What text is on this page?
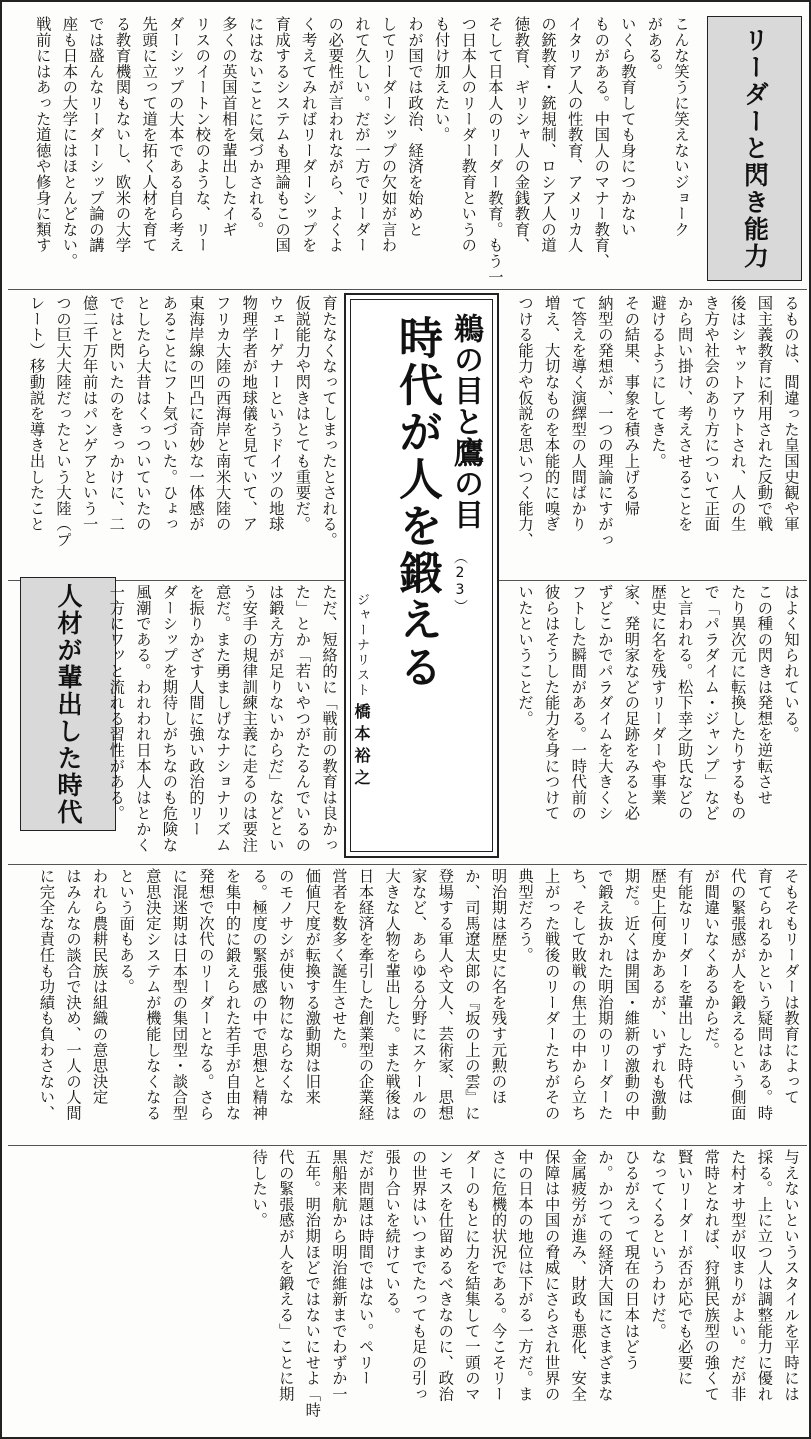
リーダーと閃き能力
人材が輩出した時代
鵜の目と鷹の目
（23）
時代が人を鍛える
ジャーナリスト
橋本裕之
こんな笑うに笑えないジョーク
がある。
いくら教育しても身につかない
ものがある。中国人のマナー教育、
イタリア人の性教育、アメリカ人
の銃教育・銃規制、ロシア人の道
徳教育、ギリシャ人の金銭教育、
そして日本人のリーダー教育。もう一
つ日本人のリーダー教育というの
も付け加えたい。
わが国では政治、経済を始めと
してリーダーシップの欠如が言わ
れて久しい。だが一方でリーダー
の必要性が言われながら、よくよ
く考えてみればリーダーシップを
育成するシステムも理論もこの国
にはないことに気づかされる。
多くの英国首相を輩出したイギ
リスのイートン校のような、リー
ダーシップの大本である自ら考え
先頭に立って道を拓く人材を育て
る教育機関もないし、欧米の大学
では盛んなリーダーシップ論の講
座も日本の大学にはほとんどない。
戦前にはあった道徳や修身に類す
るものは、間違った皇国史観や軍
国主義教育に利用された反動で戦
後はシャットアウトされ、人の生
き方や社会のあり方について正面
から問い掛け、考えさせることを
避けるようにしてきた。
その結果、事象を積み上げる帰
納型の発想が、一つの理論にすがっ
て答えを導く演繹型の人間ばかり
増え、大切なものを本能的に嗅ぎ
つける能力や仮説を思いつく能力、
育たなくなってしまったとされる。
仮説能力や閃きはとても重要だ。
ウェーゲナーというドイツの地球
物理学者が地球儀を見ていて、ア
フリカ大陸の西海岸と南米大陸の
東海岸線の凹凸に奇妙な一体感が
あることにフト気づいた。ひょっ
としたら大昔はくっついていたの
ではと閃いたのをきっかけに、二
億二千万年前はパンゲアという一
つの巨大大陸だったという大陸（プ
レート）移動説を導き出したこと
はよく知られている。
この種の閃きは発想を逆転させ
たり異次元に転換したりするもの
で「パラダイム・ジャンプ」など
と言われる。松下幸之助氏などの
歴史に名を残すリーダーや事業
家、発明家などの足跡をみると必
ずどこかでパラダイムを大きくシ
フトした瞬間がある。一時代前の
彼らはそうした能力を身につけて
いたということだ。
ただ、短絡的に「戦前の教育は良かっ
た」とか「若いやつがたるんでいるの
は鍛え方が足りないからだ」などとい
う安手の規律訓練主義に走るのは要注
意だ。また勇ましげなナショナリズム
を振りかざす人間に強い政治的リー
ダーシップを期待しがちなのも危険な
風潮である。われわれ日本人はとかく
一方にワッと流れる習性がある。
そもそもリーダーは教育によって
育てられるかという疑問はある。時
代の緊張感が人を鍛えるという側面
が間違いなくあるからだ。
有能なリーダーを輩出した時代は
歴史上何度かあるが、いずれも激動
期だ。近くは開国・維新の激動の中
で鍛え抜かれた明治期のリーダーた
ち、そして敗戦の焦土の中から立ち
上がった戦後のリーダーたちがその
典型だろう。
明治期は歴史に名を残す元勲のほ
か、司馬遼太郎の『坂の上の雲』に
登場する軍人や文人、芸術家、思想
家など、あらゆる分野にスケールの
大きな人物を輩出した。また戦後は
日本経済を牽引した創業型の企業経
営者を数多く誕生させた。
価値尺度が転換する激動期は旧来
のモノサシが使い物にならなくな
る。極度の緊張感の中で思想と精神
を集中的に鍛えられた若手が自由な
発想で次代のリーダーとなる。さら
に混迷期は日本型の集団型・談合型
意思決定システムが機能しなくなる
という面もある。
われら農耕民族は組織の意思決定
はみんなの談合で決め、一人の人間
に完全な責任も功績も負わさない、
与えないというスタイルを平時には
採る。上に立つ人は調整能力に優れ
た村オサ型が収まりがよい。だが非
常時となれば、狩猟民族型の強くて
賢いリーダーが否が応でも必要に
なってくるというわけだ。
ひるがえって現在の日本はどう
か。かつての経済大国にさまざまな
金属疲労が進み、財政も悪化、安全
保障は中国の脅威にさらされ世界の
中の日本の地位は下がる一方だ。ま
さに危機的状況である。今こそリー
ダーのもとに力を結集して一頭のマ
ンモスを仕留めるべきなのに、政治
の世界はいつまでたっても足の引っ
張り合いを続けている。
だが問題は時間ではない。ペリー
黒船来航から明治維新までわずか一
五年。明治期ほどではないにせよ「時
代の緊張感が人を鍛える」ことに期
待したい。
